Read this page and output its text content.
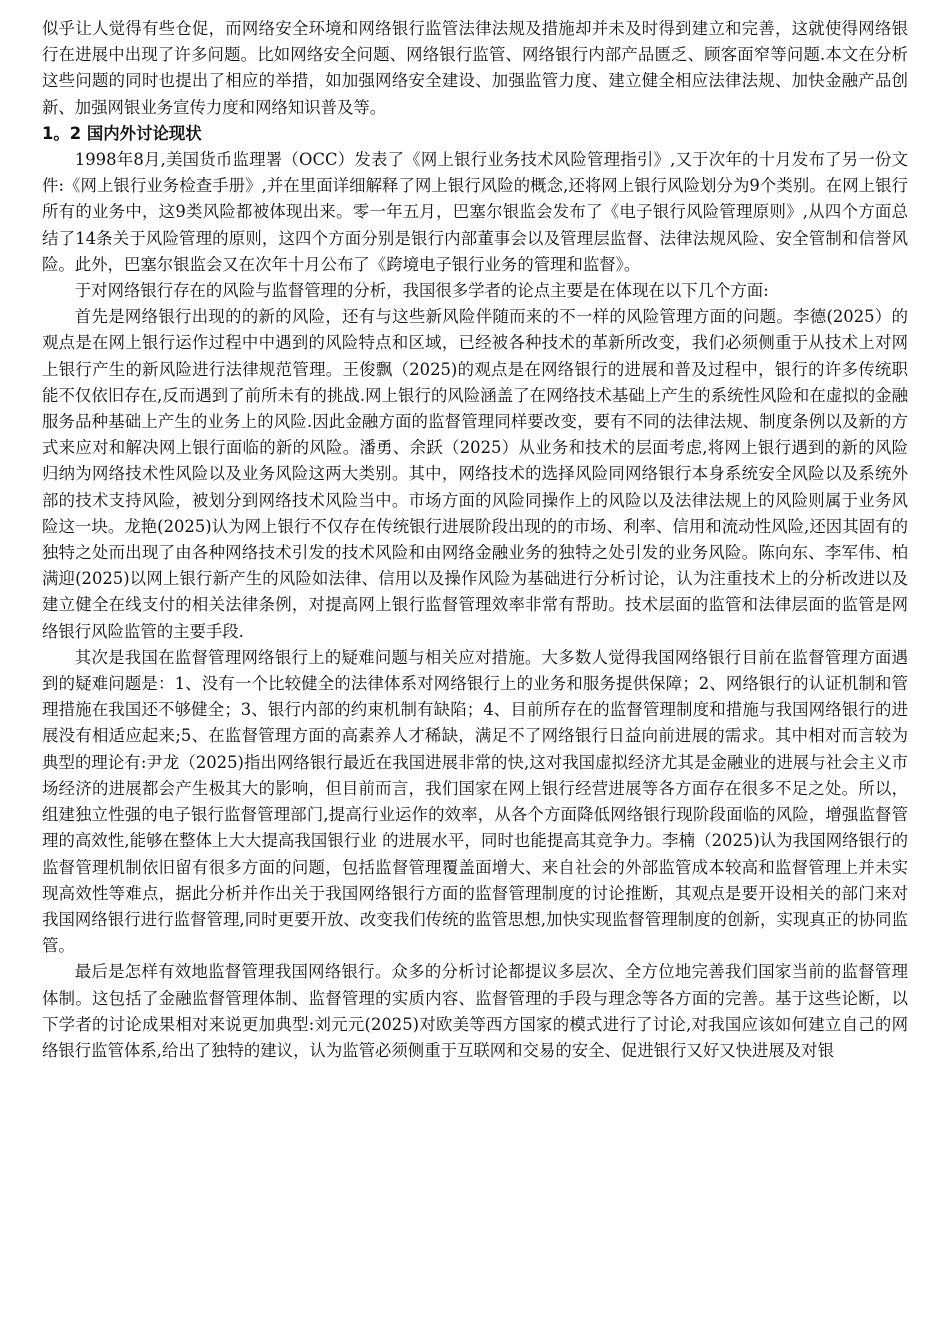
似乎让人觉得有些仓促，而网络安全环境和网络银行监管法律法规及措施却并未及时得到建立和完善，这就使得网络银行在进展中出现了许多问题。比如网络安全问题、网络银行监管、网络银行内部产品匮乏、顾客面窄等问题.本文在分析这些问题的同时也提出了相应的举措，如加强网络安全建设、加强监管力度、建立健全相应法律法规、加快金融产品创新、加强网银业务宣传力度和网络知识普及等。

1。2 国内外讨论现状

1998年8月,美国货币监理署（OCC）发表了《网上银行业务技术风险管理指引》,又于次年的十月发布了另一份文件:《网上银行业务检查手册》,并在里面详细解释了网上银行风险的概念,还将网上银行风险划分为9个类别。在网上银行所有的业务中，这9类风险都被体现出来。零一年五月，巴塞尔银监会发布了《电子银行风险管理原则》,从四个方面总结了14条关于风险管理的原则，这四个方面分别是银行内部董事会以及管理层监督、法律法规风险、安全管制和信誉风险。此外，巴塞尔银监会又在次年十月公布了《跨境电子银行业务的管理和监督》。

于对网络银行存在的风险与监督管理的分析，我国很多学者的论点主要是在体现在以下几个方面:

首先是网络银行出现的的新的风险，还有与这些新风险伴随而来的不一样的风险管理方面的问题。李德(2025）的观点是在网上银行运作过程中中遇到的风险特点和区域，已经被各种技术的革新所改变，我们必须侧重于从技术上对网上银行产生的新风险进行法律规范管理。王俊飘（2025)的观点是在网络银行的进展和普及过程中，银行的许多传统职能不仅依旧存在,反而遇到了前所未有的挑战.网上银行的风险涵盖了在网络技术基础上产生的系统性风险和在虚拟的金融服务品种基础上产生的业务上的风险.因此金融方面的监督管理同样要改变，要有不同的法律法规、制度条例以及新的方式来应对和解决网上银行面临的新的风险。潘勇、余跃（2025）从业务和技术的层面考虑,将网上银行遇到的新的风险归纳为网络技术性风险以及业务风险这两大类别。其中，网络技术的选择风险同网络银行本身系统安全风险以及系统外部的技术支持风险，被划分到网络技术风险当中。市场方面的风险同操作上的风险以及法律法规上的风险则属于业务风险这一块。龙艳(2025)认为网上银行不仅存在传统银行进展阶段出现的的市场、利率、信用和流动性风险,还因其固有的独特之处而出现了由各种网络技术引发的技术风险和由网络金融业务的独特之处引发的业务风险。陈向东、李军伟、柏满迎(2025)以网上银行新产生的风险如法律、信用以及操作风险为基础进行分析讨论，认为注重技术上的分析改进以及建立健全在线支付的相关法律条例，对提高网上银行监督管理效率非常有帮助。技术层面的监管和法律层面的监管是网络银行风险监管的主要手段.

其次是我国在监督管理网络银行上的疑难问题与相关应对措施。大多数人觉得我国网络银行目前在监督管理方面遇到的疑难问题是：1、没有一个比较健全的法律体系对网络银行上的业务和服务提供保障；2、网络银行的认证机制和管理措施在我国还不够健全；3、银行内部的约束机制有缺陷；4、目前所存在的监督管理制度和措施与我国网络银行的进展没有相适应起来;5、在监督管理方面的高素养人才稀缺，满足不了网络银行日益向前进展的需求。其中相对而言较为典型的理论有:尹龙（2025)指出网络银行最近在我国进展非常的快,这对我国虚拟经济尤其是金融业的进展与社会主义市场经济的进展都会产生极其大的影响，但目前而言，我们国家在网上银行经营进展等各方面存在很多不足之处。所以，组建独立性强的电子银行监督管理部门,提高行业运作的效率，从各个方面降低网络银行现阶段面临的风险，增强监督管理的高效性,能够在整体上大大提高我国银行业 的进展水平，同时也能提高其竞争力。李楠（2025)认为我国网络银行的监督管理机制依旧留有很多方面的问题，包括监督管理覆盖面增大、来自社会的外部监管成本较高和监督管理上并未实现高效性等难点，据此分析并作出关于我国网络银行方面的监督管理制度的讨论推断，其观点是要开设相关的部门来对我国网络银行进行监督管理,同时更要开放、改变我们传统的监管思想,加快实现监督管理制度的创新，实现真正的协同监管。

最后是怎样有效地监督管理我国网络银行。众多的分析讨论都提议多层次、全方位地完善我们国家当前的监督管理体制。这包括了金融监督管理体制、监督管理的实质内容、监督管理的手段与理念等各方面的完善。基于这些论断，以下学者的讨论成果相对来说更加典型:刘元元(2025)对欧美等西方国家的模式进行了讨论,对我国应该如何建立自己的网络银行监管体系,给出了独特的建议，认为监管必须侧重于互联网和交易的安全、促进银行又好又快进展及对银
